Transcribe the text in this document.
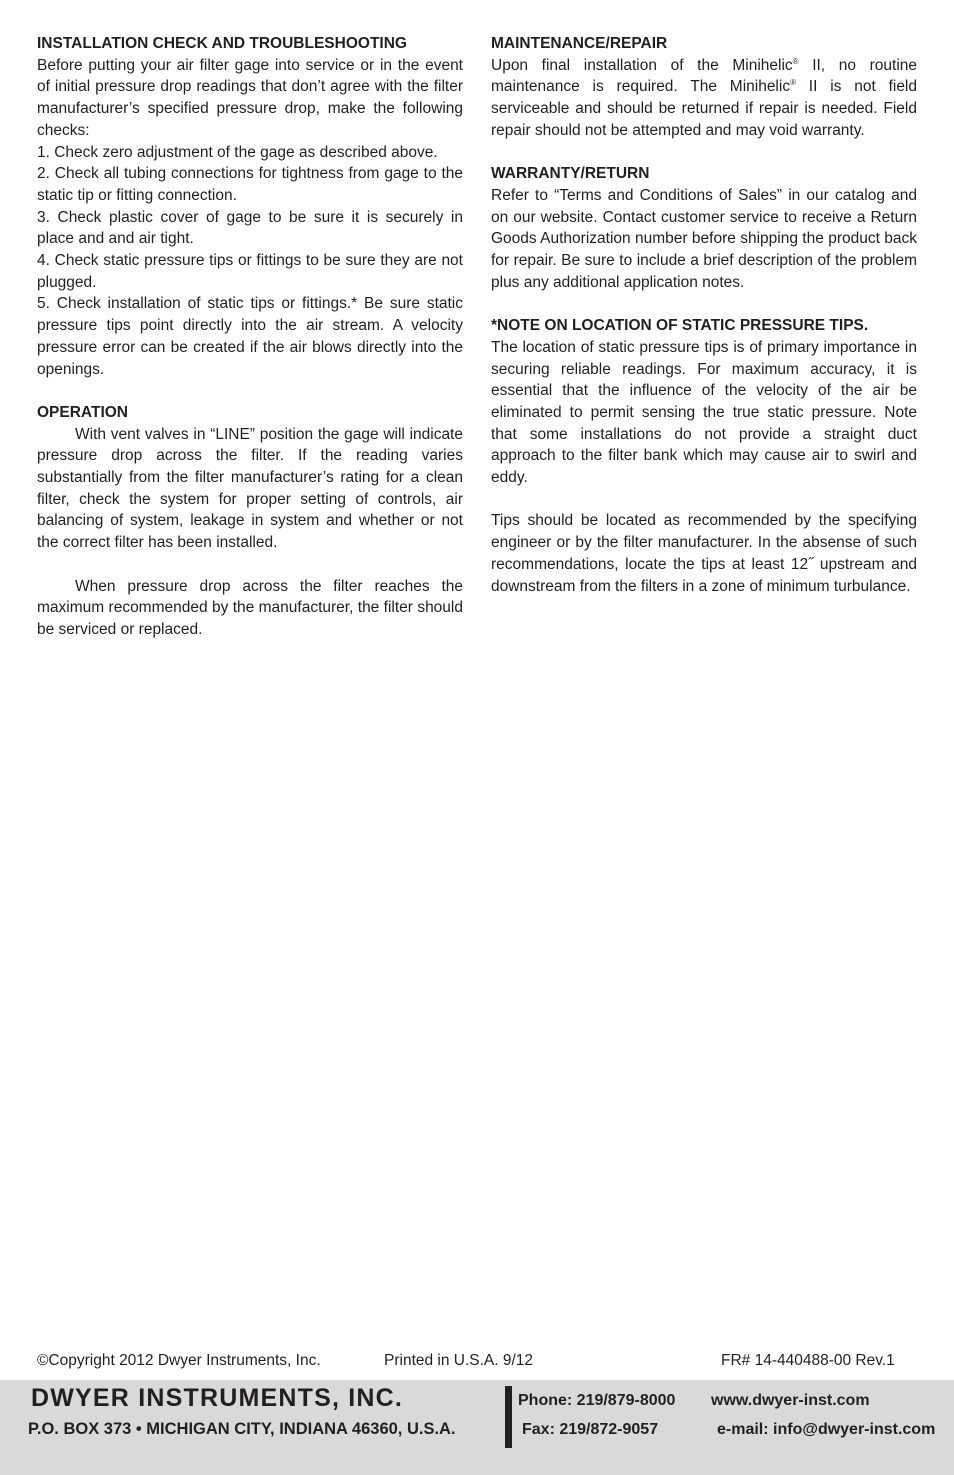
INSTALLATION CHECK AND TROUBLESHOOTING

Before putting your air filter gage into service or in the event of initial pressure drop readings that don’t agree with the filter manufacturer’s specified pressure drop, make the following checks:

1. Check zero adjustment of the gage as described above.

2. Check all tubing connections for tightness from gage to the static tip or fitting connection.

3. Check plastic cover of gage to be sure it is securely in place and and air tight.

4. Check static pressure tips or fittings to be sure they are not plugged.

5. Check installation of static tips or fittings.* Be sure static pressure tips point directly into the air stream. A velocity pressure error can be created if the air blows directly into the openings.

OPERATION

With vent valves in “LINE” position the gage will indicate pressure drop across the filter. If the reading varies substantially from the filter manufacturer’s rating for a clean filter, check the system for proper setting of controls, air balancing of system, leakage in system and whether or not the correct filter has been installed.

When pressure drop across the filter reaches the maximum recommended by the manufacturer, the filter should be serviced or replaced.

MAINTENANCE/REPAIR

Upon final installation of the Minihelic® II, no routine maintenance is required. The Minihelic® II is not field serviceable and should be returned if repair is needed. Field repair should not be attempted and may void warranty.

WARRANTY/RETURN

Refer to “Terms and Conditions of Sales” in our catalog and on our website. Contact customer service to receive a Return Goods Authorization number before shipping the product back for repair. Be sure to include a brief description of the problem plus any additional application notes.

*NOTE ON LOCATION OF STATIC PRESSURE TIPS.

The location of static pressure tips is of primary importance in securing reliable readings. For maximum accuracy, it is essential that the influence of the velocity of the air be eliminated to permit sensing the true static pressure. Note that some installations do not provide a straight duct approach to the filter bank which may cause air to swirl and eddy.

Tips should be located as recommended by the specifying engineer or by the filter manufacturer. In the absense of such recommendations, locate the tips at least 12˝ upstream and downstream from the filters in a zone of minimum turbulance.

©Copyright 2012 Dwyer Instruments, Inc.	Printed in U.S.A. 9/12	FR# 14-440488-00 Rev.1
DWYER INSTRUMENTS, INC.
P.O. BOX 373 • MICHIGAN CITY, INDIANA 46360, U.S.A.
Phone: 219/879-8000
Fax: 219/872-9057
www.dwyer-inst.com
e-mail: info@dwyer-inst.com
